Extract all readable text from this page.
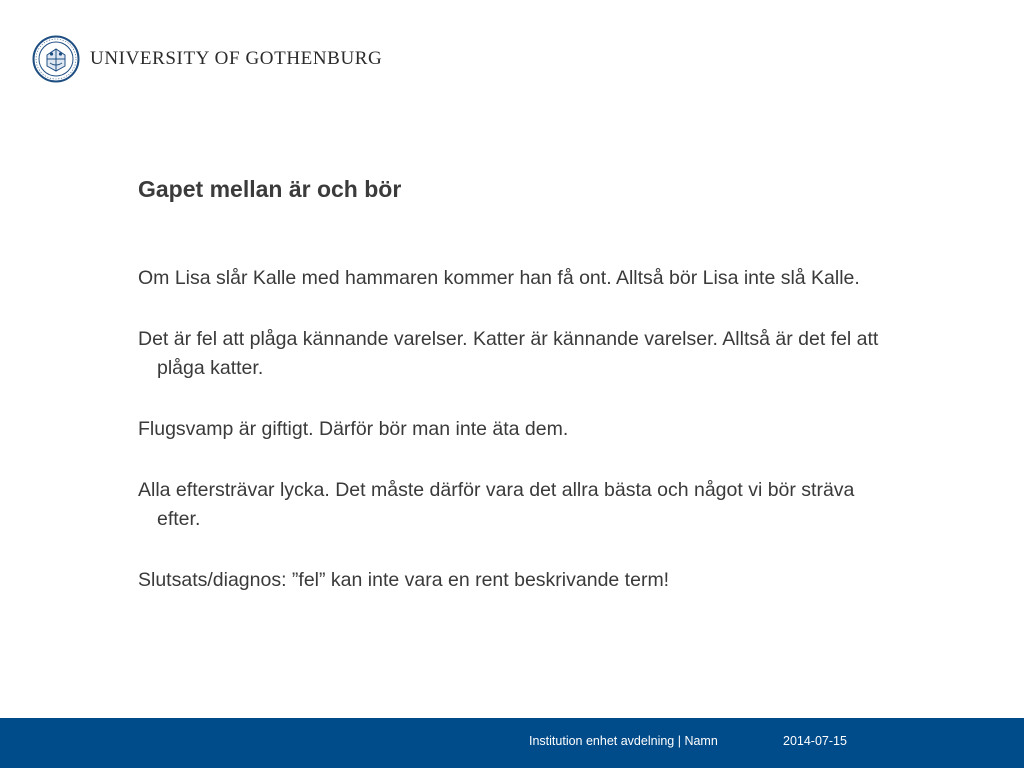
UNIVERSITY OF GOTHENBURG
Gapet mellan är och bör
Om Lisa slår Kalle med hammaren kommer han få ont. Alltså bör Lisa inte slå Kalle.
Det är fel att plåga kännande varelser. Katter är kännande varelser. Alltså är det fel att plåga katter.
Flugsvamp är giftigt. Därför bör man inte äta dem.
Alla eftersträvar lycka. Det måste därför vara det allra bästa och något vi bör sträva efter.
Slutsats/diagnos: ”fel” kan inte vara en rent beskrivande term!
Institution enhet avdelning | Namn	2014-07-15
